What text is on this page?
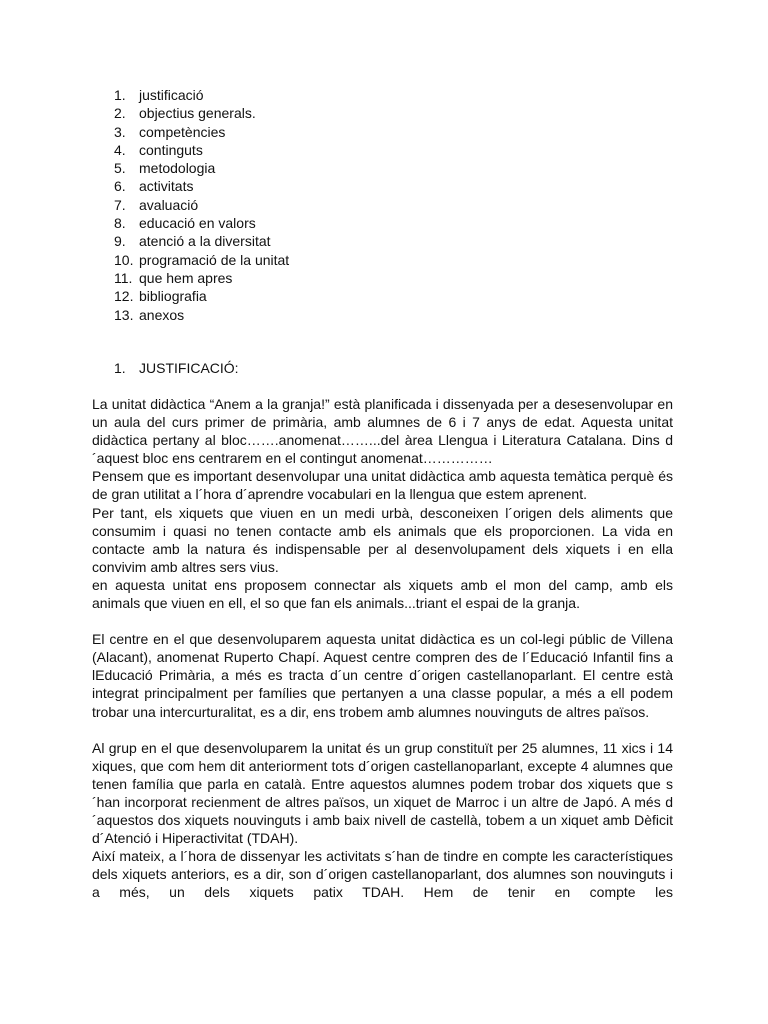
1. justificació
2. objectius generals.
3. competències
4. continguts
5. metodologia
6. activitats
7. avaluació
8. educació en valors
9. atenció a la diversitat
10. programació de la unitat
11. que hem apres
12. bibliografia
13. anexos
1. JUSTIFICACIÓ:

La unitat didàctica “Anem a la granja!” està planificada i dissenyada per a desesenvolupar en un aula del curs primer de primària, amb alumnes de 6 i 7 anys de edat. Aquesta unitat didàctica pertany al bloc…….anomenat……...del àrea Llengua i Literatura Catalana. Dins d´aquest bloc ens centrarem en el contingut anomenat……………

Pensem que es important desenvolupar una unitat didàctica amb aquesta temàtica perquè és de gran utilitat a l´hora d´aprendre vocabulari en la llengua que estem aprenent.

Per tant, els xiquets que viuen en un medi urbà, desconeixen l´origen dels aliments que consumim i quasi no tenen contacte amb els animals que els proporcionen. La vida en contacte amb la natura és indispensable per al desenvolupament dels xiquets i en ella convivim amb altres sers vius.

en aquesta unitat ens proposem connectar als xiquets amb el mon del camp, amb els animals que viuen en ell, el so que fan els animals...triant el espai de la granja.

El centre en el que desenvoluparem aquesta unitat didàctica es un col-legi públic de Villena (Alacant), anomenat Ruperto Chapí. Aquest centre compren des de l´Educació Infantil fins a lEducació Primària, a més es tracta d´un centre d´origen castellanoparlant. El centre està integrat principalment per famílies que pertanyen a una classe popular, a més a ell podem trobar una intercurturalitat, es a dir, ens trobem amb alumnes nouvinguts de altres països.

Al grup en el que desenvoluparem la unitat és un grup constituït per 25 alumnes, 11 xics i 14 xiques, que com hem dit anteriorment tots d´origen castellanoparlant, excepte 4 alumnes que tenen família que parla en català. Entre aquestos alumnes podem trobar dos xiquets que s´han incorporat recienment de altres països, un xiquet de Marroc i un altre de Japó. A més d´aquestos dos xiquets nouvinguts i amb baix nivell de castellà, tobem a un xiquet amb Dèficit d´Atenció i Hiperactivitat (TDAH).

Així mateix, a l´hora de dissenyar les activitats s´han de tindre en compte les característiques dels xiquets anteriors, es a dir, son d´origen castellanoparlant, dos alumnes son nouvinguts i a més, un dels xiquets patix TDAH. Hem de tenir en compte les
